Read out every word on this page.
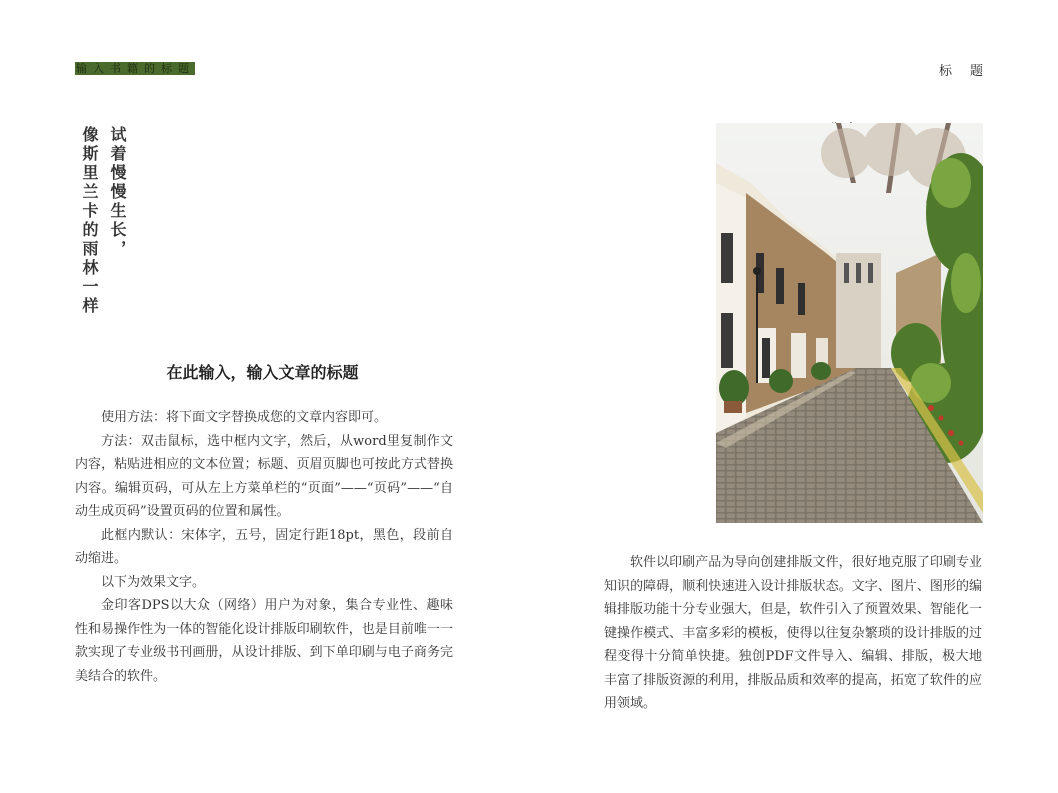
输入书籍的标题
试着慢慢生长，
像斯里兰卡的雨林一样
在此输入，输入文章的标题

使用方法：将下面文字替换成您的文章内容即可。

方法：双击鼠标，选中框内文字，然后，从word里复制作文内容，粘贴进相应的文本位置；标题、页眉页脚也可按此方式替换内容。编辑页码，可从左上方菜单栏的“页面”——“页码”——“自动生成页码”设置页码的位置和属性。

此框内默认：宋体字，五号，固定行距18pt，黑色，段前自动缩进。

以下为效果文字。

金印客DPS以大众（网络）用户为对象，集合专业性、趣味性和易操作性为一体的智能化设计排版印刷软件，也是目前唯一一款实现了专业级书刊画册，从设计排版、到下单印刷与电子商务完美结合的软件。

标题

软件以印刷产品为导向创建排版文件，很好地克服了印刷专业知识的障碍，顺利快速进入设计排版状态。文字、图片、图形的编辑排版功能十分专业强大，但是，软件引入了预置效果、智能化一键操作模式、丰富多彩的模板，使得以往复杂繁琐的设计排版的过程变得十分简单快捷。独创PDF文件导入、编辑、排版，极大地丰富了排版资源的利用，排版品质和效率的提高，拓宽了软件的应用领域。
